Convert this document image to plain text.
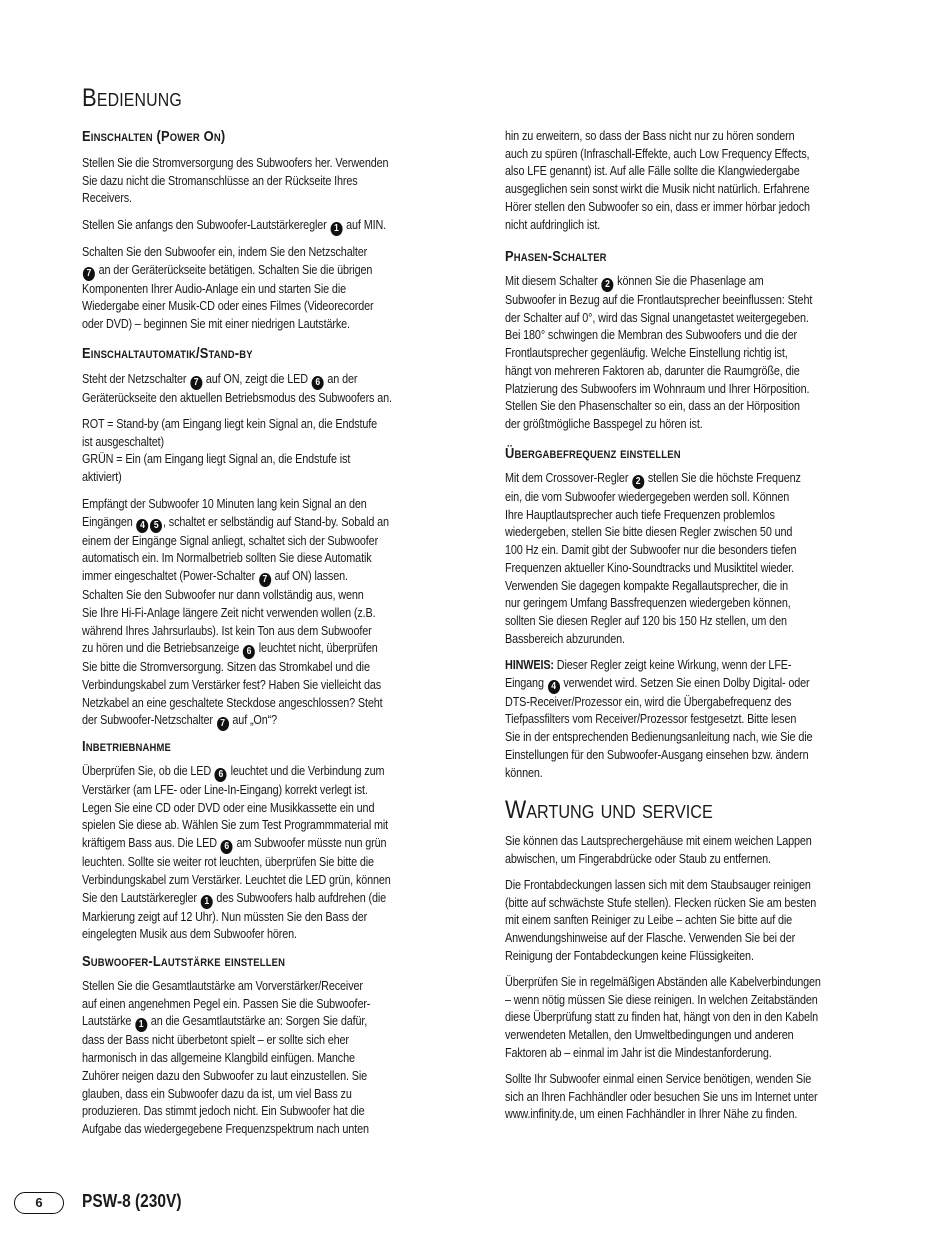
Bedienung
Einschalten (Power On)

Stellen Sie die Stromversorgung des Subwoofers her. Verwenden

Sie dazu nicht die Stromanschlüsse an der Rückseite Ihres

Receivers.

Stellen Sie anfangs den Subwoofer-Lautstärkeregler 1 auf MIN.

Schalten Sie den Subwoofer ein, indem Sie den Netzschalter

7 an der Geräterückseite betätigen. Schalten Sie die übrigen

Komponenten Ihrer Audio-Anlage ein und starten Sie die

Wiedergabe einer Musik-CD oder eines Filmes (Videorecorder

oder DVD) – beginnen Sie mit einer niedrigen Lautstärke.

Einschaltautomatik/Stand-by

Steht der Netzschalter 7 auf ON, zeigt die LED 6 an der

Geräterückseite den aktuellen Betriebsmodus des Subwoofers an.

ROT = Stand-by (am Eingang liegt kein Signal an, die Endstufe

ist ausgeschaltet)

GRÜN = Ein (am Eingang liegt Signal an, die Endstufe ist

aktiviert)

Empfängt der Subwoofer 10 Minuten lang kein Signal an den

Eingängen 4 5 , schaltet er selbständig auf Stand-by. Sobald an

einem der Eingänge Signal anliegt, schaltet sich der Subwoofer

automatisch ein. Im Normalbetrieb sollten Sie diese Automatik

immer eingeschaltet (Power-Schalter 7 auf ON) lassen.

Schalten Sie den Subwoofer nur dann vollständig aus, wenn

Sie Ihre Hi-Fi-Anlage längere Zeit nicht verwenden wollen (z.B.

während Ihres Jahrsurlaubs). Ist kein Ton aus dem Subwoofer

zu hören und die Betriebsanzeige 6 leuchtet nicht, überprüfen

Sie bitte die Stromversorgung. Sitzen das Stromkabel und die

Verbindungskabel zum Verstärker fest? Haben Sie vielleicht das

Netzkabel an eine geschaltete Steckdose angeschlossen? Steht

der Subwoofer-Netzschalter 7 auf „On“?

Inbetriebnahme

Überprüfen Sie, ob die LED 6 leuchtet und die Verbindung zum

Verstärker (am LFE- oder Line-In-Eingang) korrekt verlegt ist.

Legen Sie eine CD oder DVD oder eine Musikkassette ein und

spielen Sie diese ab. Wählen Sie zum Test Programmmaterial mit

kräftigem Bass aus. Die LED 6 am Subwoofer müsste nun grün

leuchten. Sollte sie weiter rot leuchten, überprüfen Sie bitte die

Verbindungskabel zum Verstärker. Leuchtet die LED grün, können

Sie den Lautstärkeregler 1 des Subwoofers halb aufdrehen (die

Markierung zeigt auf 12 Uhr). Nun müssten Sie den Bass der

eingelegten Musik aus dem Subwoofer hören.

Subwoofer-Lautstärke einstellen

Stellen Sie die Gesamtlautstärke am Vorverstärker/Receiver

auf einen angenehmen Pegel ein. Passen Sie die Subwoofer-

Lautstärke 1 an die Gesamtlautstärke an: Sorgen Sie dafür,

dass der Bass nicht überbetont spielt – er sollte sich eher

harmonisch in das allgemeine Klangbild einfügen. Manche

Zuhörer neigen dazu den Subwoofer zu laut einzustellen. Sie

glauben, dass ein Subwoofer dazu da ist, um viel Bass zu

produzieren. Das stimmt jedoch nicht. Ein Subwoofer hat die

Aufgabe das wiedergegebene Frequenzspektrum nach unten

hin zu erweitern, so dass der Bass nicht nur zu hören sondern

auch zu spüren (Infraschall-Effekte, auch Low Frequency Effects,

also LFE genannt) ist. Auf alle Fälle sollte die Klangwiedergabe

ausgeglichen sein sonst wirkt die Musik nicht natürlich. Erfahrene

Hörer stellen den Subwoofer so ein, dass er immer hörbar jedoch

nicht aufdringlich ist.

Phasen-Schalter

Mit diesem Schalter 2 können Sie die Phasenlage am

Subwoofer in Bezug auf die Frontlautsprecher beeinflussen: Steht

der Schalter auf 0°, wird das Signal unangetastet weitergegeben.

Bei 180° schwingen die Membran des Subwoofers und die der

Frontlautsprecher gegenläufig. Welche Einstellung richtig ist,

hängt von mehreren Faktoren ab, darunter die Raumgröße, die

Platzierung des Subwoofers im Wohnraum und Ihrer Hörposition.

Stellen Sie den Phasenschalter so ein, dass an der Hörposition

der größtmögliche Basspegel zu hören ist.

Übergabefrequenz einstellen

Mit dem Crossover-Regler 2 stellen Sie die höchste Frequenz

ein, die vom Subwoofer wiedergegeben werden soll. Können

Ihre Hauptlautsprecher auch tiefe Frequenzen problemlos

wiedergeben, stellen Sie bitte diesen Regler zwischen 50 und

100 Hz ein. Damit gibt der Subwoofer nur die besonders tiefen

Frequenzen aktueller Kino-Soundtracks und Musiktitel wieder.

Verwenden Sie dagegen kompakte Regallautsprecher, die in

nur geringem Umfang Bassfrequenzen wiedergeben können,

sollten Sie diesen Regler auf 120 bis 150 Hz stellen, um den

Bassbereich abzurunden.

HINWEIS: Dieser Regler zeigt keine Wirkung, wenn der LFE-

Eingang 4 verwendet wird. Setzen Sie einen Dolby Digital- oder

DTS-Receiver/Prozessor ein, wird die Übergabefrequenz des

Tiefpassfilters vom Receiver/Prozessor festgesetzt. Bitte lesen

Sie in der entsprechenden Bedienungsanleitung nach, wie Sie die

Einstellungen für den Subwoofer-Ausgang einsehen bzw. ändern

können.

Wartung und service

Sie können das Lautsprechergehäuse mit einem weichen Lappen

abwischen, um Fingerabdrücke oder Staub zu entfernen.

Die Frontabdeckungen lassen sich mit dem Staubsauger reinigen

(bitte auf schwächste Stufe stellen). Flecken rücken Sie am besten

mit einem sanften Reiniger zu Leibe – achten Sie bitte auf die

Anwendungshinweise auf der Flasche. Verwenden Sie bei der

Reinigung der Fontabdeckungen keine Flüssigkeiten.

Überprüfen Sie in regelmäßigen Abständen alle Kabelverbindungen

– wenn nötig müssen Sie diese reinigen. In welchen Zeitabständen

diese Überprüfung statt zu finden hat, hängt von den in den Kabeln

verwendeten Metallen, den Umweltbedingungen und anderen

Faktoren ab – einmal im Jahr ist die Mindestanforderung.

Sollte Ihr Subwoofer einmal einen Service benötigen, wenden Sie

sich an Ihren Fachhändler oder besuchen Sie uns im Internet unter

www.infinity.de, um einen Fachhändler in Ihrer Nähe zu finden.

6	PSW-8 (230V)
